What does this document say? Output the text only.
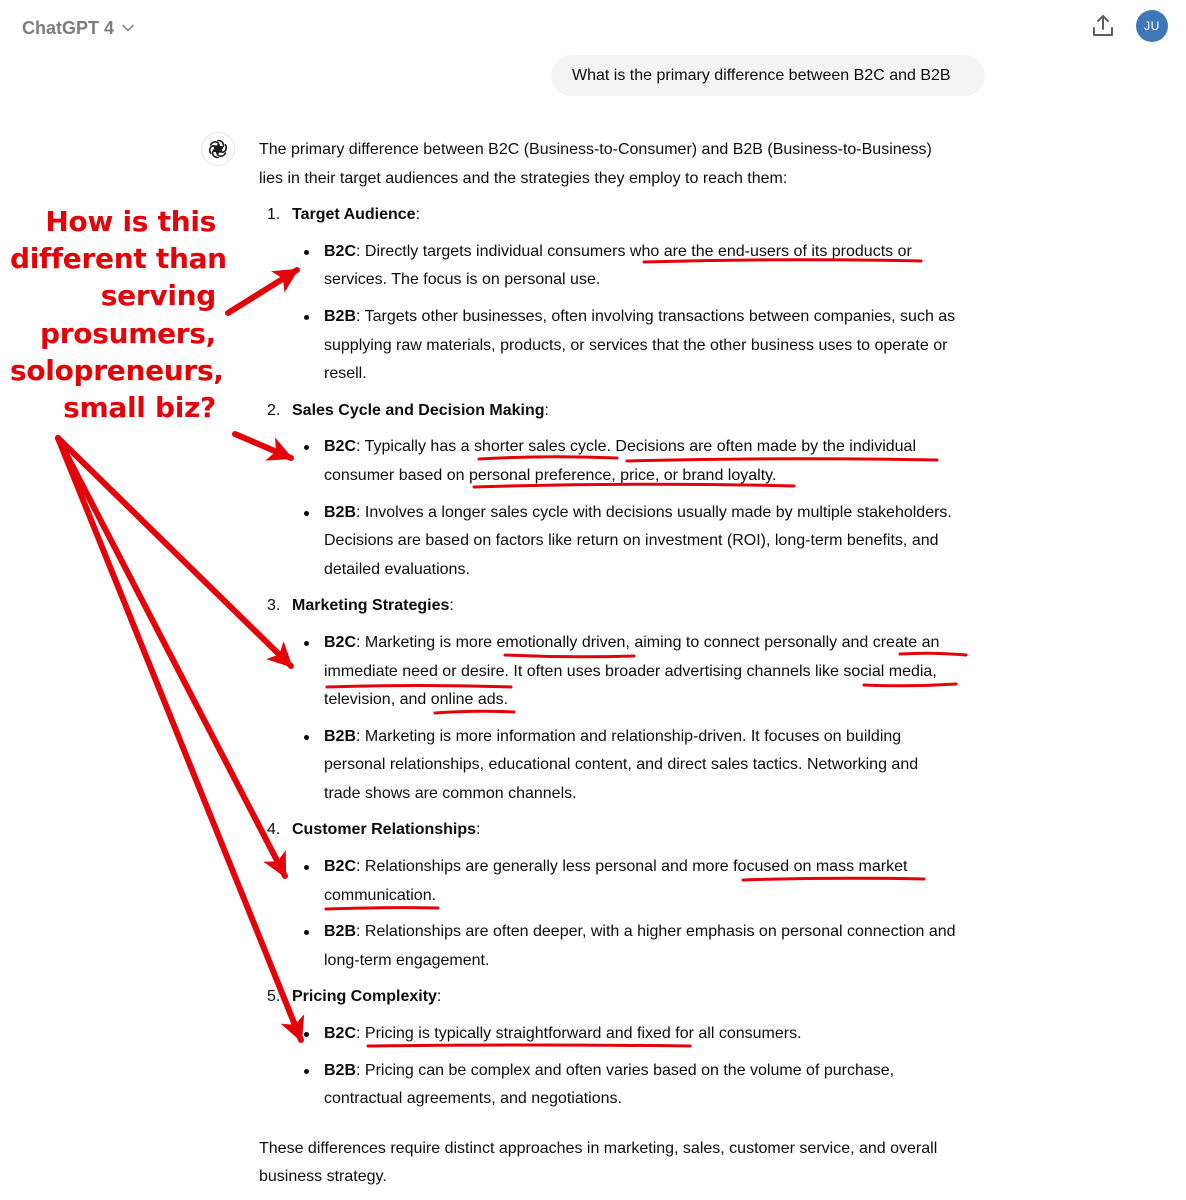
ChatGPT 4	JU
What is the primary difference between B2C and B2B

The primary difference between B2C (Business-to-Consumer) and B2B (Business-to-Business)

lies in their target audiences and the strategies they employ to reach them:

1. Target Audience:

B2C: Directly targets individual consumers who are the end-users of its products or

services. The focus is on personal use.

B2B: Targets other businesses, often involving transactions between companies, such as

supplying raw materials, products, or services that the other business uses to operate or

resell.

2. Sales Cycle and Decision Making:

B2C: Typically has a shorter sales cycle. Decisions are often made by the individual

consumer based on personal preference, price, or brand loyalty.

B2B: Involves a longer sales cycle with decisions usually made by multiple stakeholders.

Decisions are based on factors like return on investment (ROI), long-term benefits, and

detailed evaluations.

3. Marketing Strategies:

B2C: Marketing is more emotionally driven, aiming to connect personally and create an

immediate need or desire. It often uses broader advertising channels like social media,

television, and online ads.

B2B: Marketing is more information and relationship-driven. It focuses on building

personal relationships, educational content, and direct sales tactics. Networking and

trade shows are common channels.

4. Customer Relationships:

B2C: Relationships are generally less personal and more focused on mass market

communication.

B2B: Relationships are often deeper, with a higher emphasis on personal connection and

long-term engagement.

5. Pricing Complexity:

B2C: Pricing is typically straightforward and fixed for all consumers.

B2B: Pricing can be complex and often varies based on the volume of purchase,

contractual agreements, and negotiations.

These differences require distinct approaches in marketing, sales, customer service, and overall

business strategy.

How is this
different than
serving
prosumers,
solopreneurs,
small biz?
